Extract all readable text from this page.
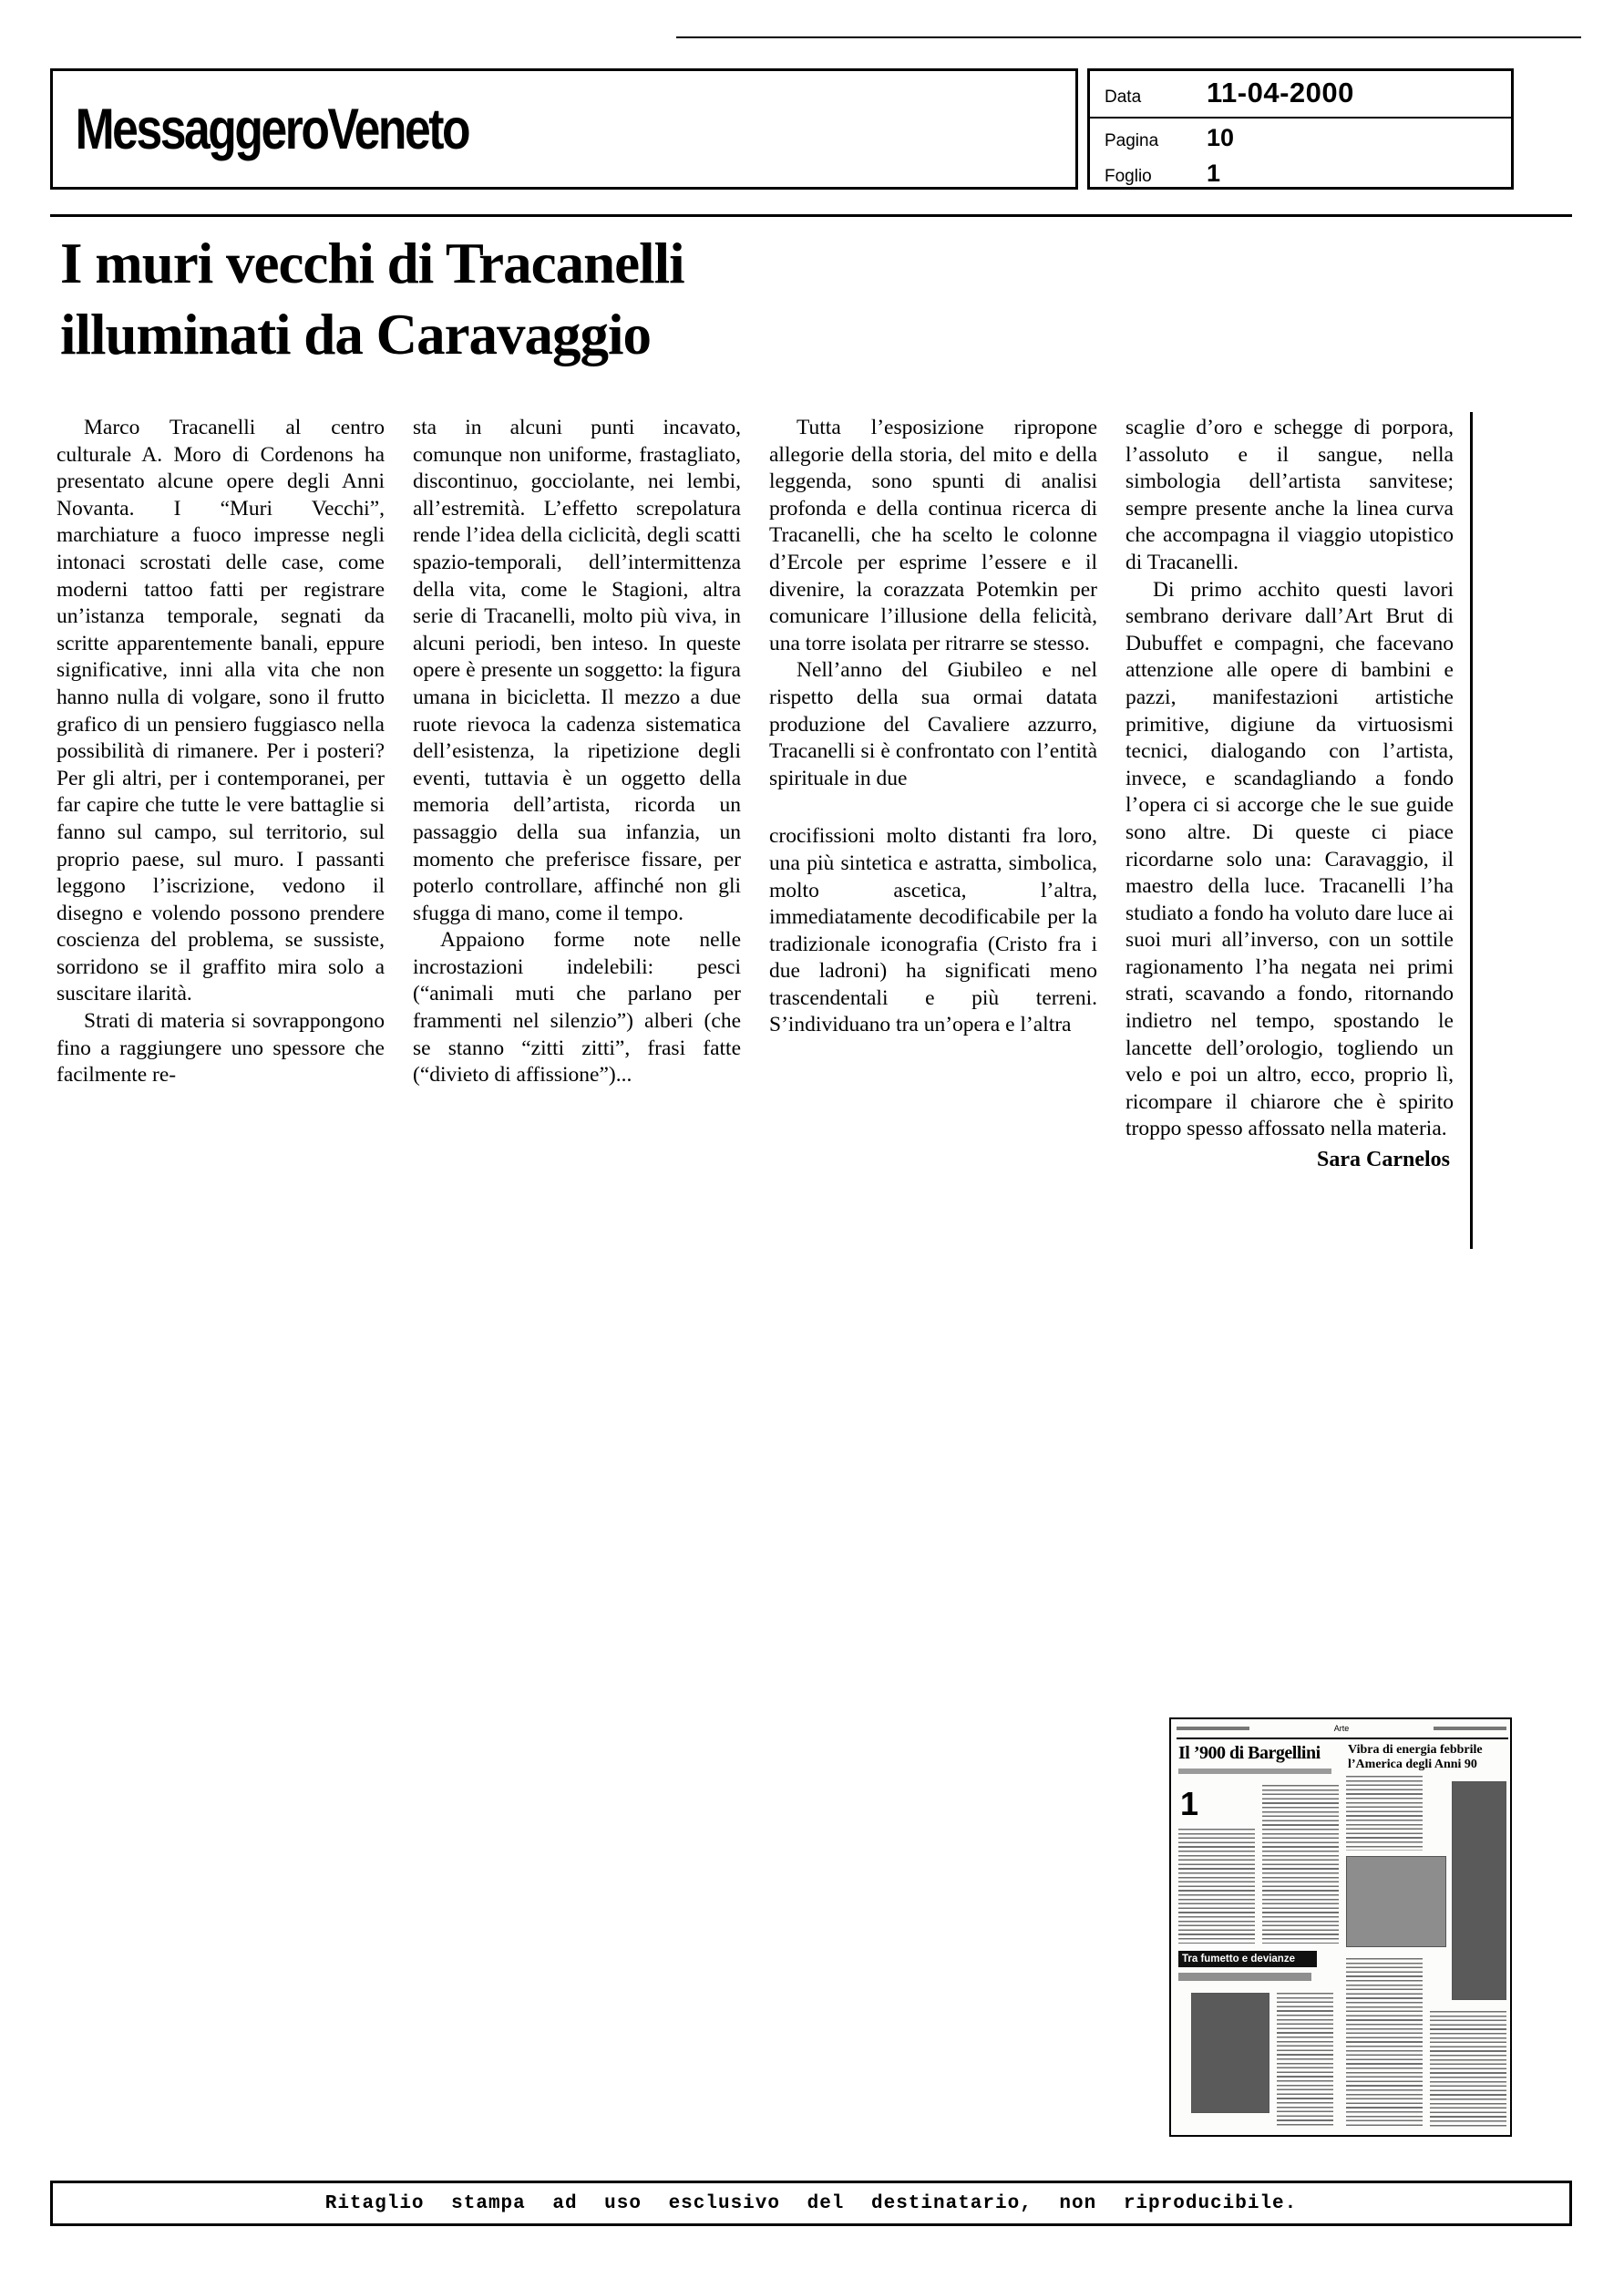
MessaggeroVeneto	Data	11-04-2000
Pagina	10
Foglio	1
I muri vecchi di Tracanelli
illuminati da Caravaggio

Marco Tracanelli al centro culturale A. Moro di Cordenons ha presentato alcune opere degli Anni Novanta. I “Muri Vecchi”, marchiature a fuoco impresse negli intonaci scrostati delle case, come moderni tattoo fatti per registrare un’istanza temporale, segnati da scritte apparentemente banali, eppure significative, inni alla vita che non hanno nulla di volgare, sono il frutto grafico di un pensiero fuggiasco nella possibilità di rimanere. Per i posteri? Per gli altri, per i contemporanei, per far capire che tutte le vere battaglie si fanno sul campo, sul territorio, sul proprio paese, sul muro. I passanti leggono l’iscrizione, vedono il disegno e volendo possono prendere coscienza del problema, se sussiste, sorridono se il graffito mira solo a suscitare ilarità.

Strati di materia si sovrappongono fino a raggiungere uno spessore che facilmente re-

sta in alcuni punti incavato, comunque non uniforme, frastagliato, discontinuo, gocciolante, nei lembi, all’estremità. L’effetto screpolatura rende l’idea della ciclicità, degli scatti spazio-temporali, dell’intermittenza della vita, come le Stagioni, altra serie di Tracanelli, molto più viva, in alcuni periodi, ben inteso. In queste opere è presente un soggetto: la figura umana in bicicletta. Il mezzo a due ruote rievoca la cadenza sistematica dell’esistenza, la ripetizione degli eventi, tuttavia è un oggetto della memoria dell’artista, ricorda un passaggio della sua infanzia, un momento che preferisce fissare, per poterlo controllare, affinché non gli sfugga di mano, come il tempo.

Appaiono forme note nelle incrostazioni indelebili: pesci (“animali muti che parlano per frammenti nel silenzio”) alberi (che se stanno “zitti zitti”, frasi fatte (“divieto di affissione”)...

Tutta l’esposizione ripropone allegorie della storia, del mito e della leggenda, sono spunti di analisi profonda e della continua ricerca di Tracanelli, che ha scelto le colonne d’Ercole per esprime l’essere e il divenire, la corazzata Potemkin per comunicare l’illusione della felicità, una torre isolata per ritrarre se stesso.

Nell’anno del Giubileo e nel rispetto della sua ormai datata produzione del Cavaliere azzurro, Tracanelli si è confrontato con l’entità spirituale in due

crocifissioni molto distanti fra loro, una più sintetica e astratta, simbolica, molto ascetica, l’altra, immediatamente decodificabile per la tradizionale iconografia (Cristo fra i due ladroni) ha significati meno trascendentali e più terreni. S’individuano tra un’opera e l’altra

scaglie d’oro e schegge di porpora, l’assoluto e il sangue, nella simbologia dell’artista sanvitese; sempre presente anche la linea curva che accompagna il viaggio utopistico di Tracanelli.

Di primo acchito questi lavori sembrano derivare dall’Art Brut di Dubuffet e compagni, che facevano attenzione alle opere di bambini e pazzi, manifestazioni artistiche primitive, digiune da virtuosismi tecnici, dialogando con l’artista, invece, e scandagliando a fondo l’opera ci si accorge che le sue guide sono altre. Di queste ci piace ricordarne solo una: Caravaggio, il maestro della luce. Tracanelli l’ha studiato a fondo ha voluto dare luce ai suoi muri all’inverso, con un sottile ragionamento l’ha negata nei primi strati, scavando a fondo, ritornando indietro nel tempo, spostando le lancette dell’orologio, togliendo un velo e poi un altro, ecco, proprio lì, ricompare il chiarore che è spirito troppo spesso affossato nella materia.

Sara Carnelos
Arte
Il ’900 di Bargellini	Vibra di energia febbrile
l’America degli Anni 90
1
Tra fumetto e devianze
Ritaglio stampa ad uso esclusivo del destinatario, non riproducibile.
